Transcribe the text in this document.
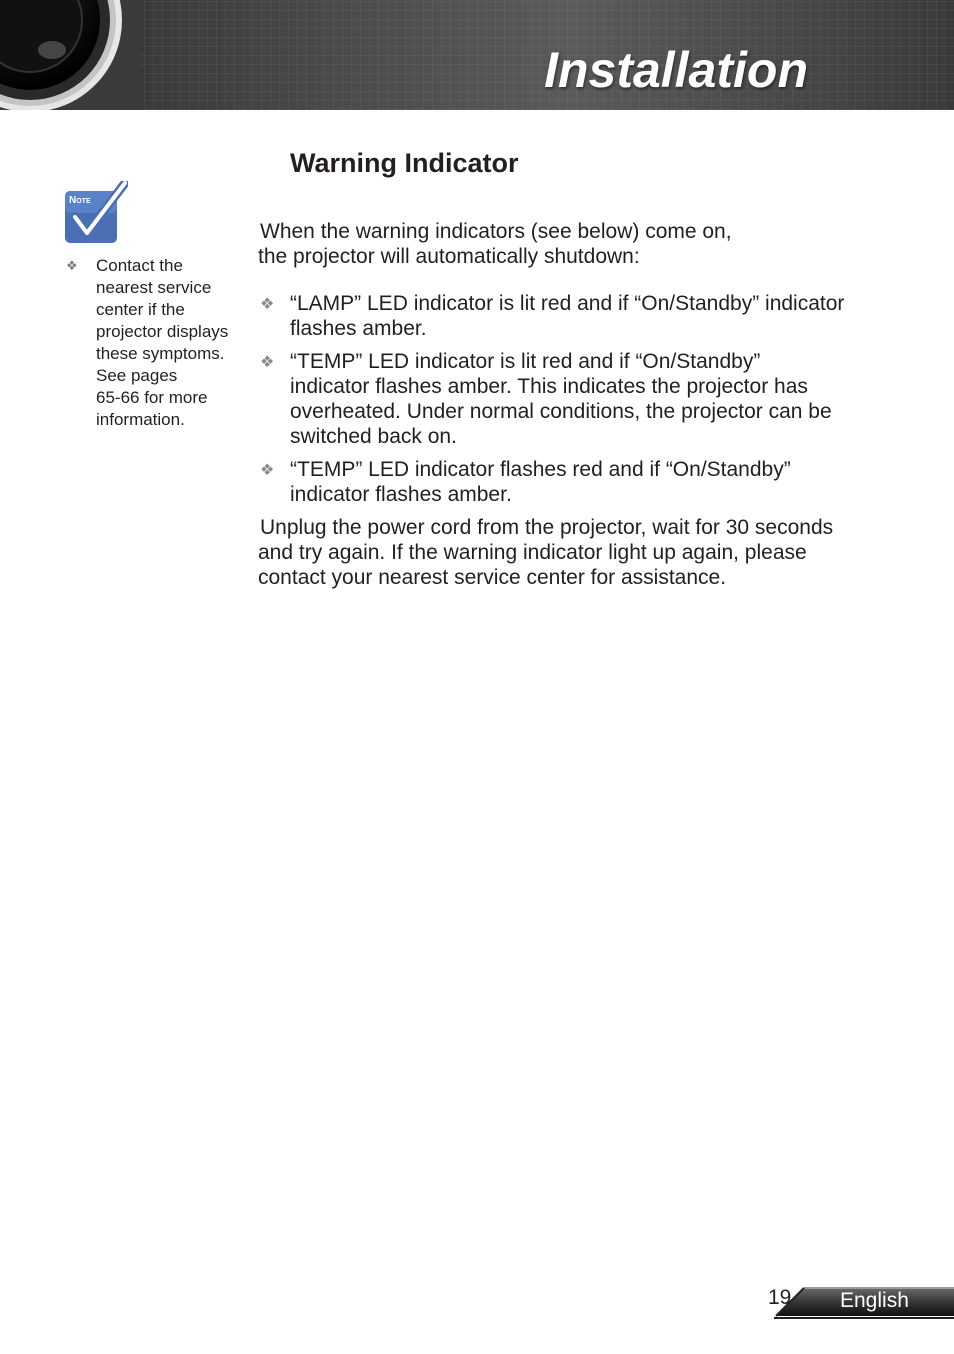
Installation
Warning Indicator
Note
❖ Contact the
nearest service
center if the
projector displays
these symptoms.
See pages
65-66 for more
information.
When the warning indicators (see below) come on,
the projector will automatically shutdown:
❖ “LAMP” LED indicator is lit red and if “On/Standby” indicator
flashes amber.
❖ “TEMP” LED indicator is lit red and if “On/Standby”
indicator flashes amber. This indicates the projector has
overheated. Under normal conditions, the projector can be
switched back on.
❖ “TEMP” LED indicator flashes red and if “On/Standby”
indicator flashes amber.
Unplug the power cord from the projector, wait for 30 seconds
and try again. If the warning indicator light up again, please
contact your nearest service center for assistance.
19 English
